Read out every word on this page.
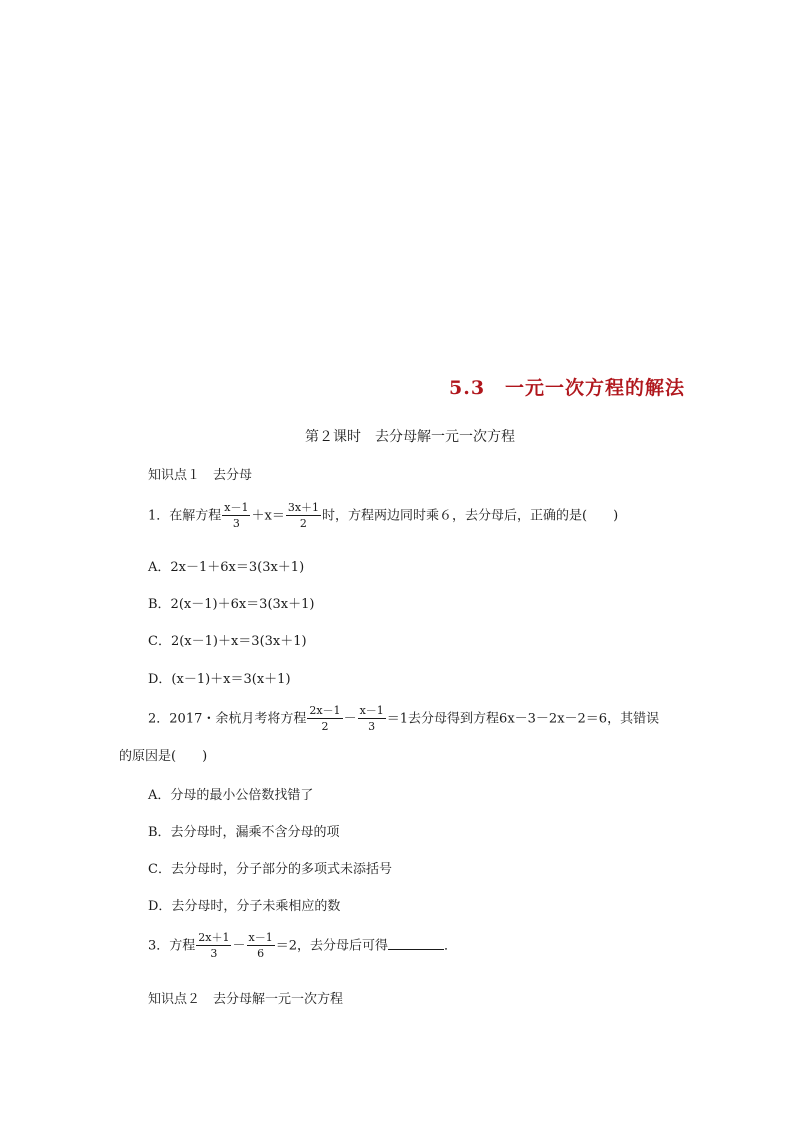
5.3　一元一次方程的解法
第２课时　去分母解一元一次方程
知识点１　去分母
1．在解方程 $\frac{x-1}{3} +x= \frac{3x+1}{2}$ 时，方程两边同时乘６，去分母后，正确的是(　　)
A．2x－1＋6x＝3(3x＋1)
B．2(x－1)＋6x＝3(3x＋1)
C．2(x－1)＋x＝3(3x＋1)
D．(x－1)＋x＝3(x＋1)
2．2017・余杭月考将方程 $\frac{2x-1}{2} - \frac{x-1}{3} =1$去分母得到方程6x－3－2x－2＝6，其错误
的原因是(　　)
A．分母的最小公倍数找错了
B．去分母时，漏乘不含分母的项
C．去分母时，分子部分的多项式未添括号
D．去分母时，分子未乘相应的数
3．方程 $\frac{2x+1}{3} - \frac{x-1}{6} =2$，去分母后可得	．
知识点２　去分母解一元一次方程
